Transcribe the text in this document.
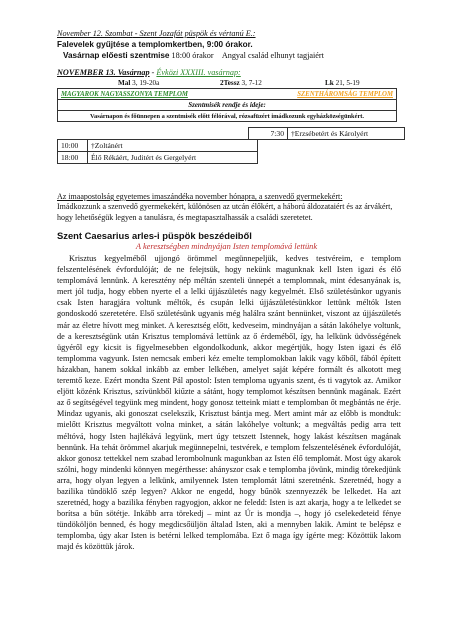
November 12. Szombat - Szent Jozafát püspök és vértanú E.:
Falevelek gyűjtése a templomkertben, 9:00 órakor.
Vasárnap előesti szentmise 18:00 órakor Angyal család elhunyt tagjaiért
NOVEMBER 13. Vasárnap - Évközi XXXIII. vasárnap:
Mal 3, 19-20a	2Tessz 3, 7-12	Lk 21, 5-19
MAGYAROK NAGYASSZONYA TEMPLOM	SZENTHÁROMSÁG TEMPLOM
Szentmisék rendje és ideje:
Vasárnapon és főünnepen a szentmisék előtt félórával, rózsafüzért imádkozunk egyházközségünkért.
7:30	†Erzsébetért és Károlyért
10:00	†Zoltánért
18:00	Élő Rékáért, Juditért és Gergelyért
Az imaapostolság egyetemes imaszándéka november hónapra, a szenvedő gyermekekért:
Imádkozzunk a szenvedő gyermekekért, különösen az utcán élőkért, a háború áldozataiért és az árvákért, hogy lehetőségük legyen a tanulásra, és megtapasztalhassák a családi szeretetet.
Szent Caesarius arles-i püspök beszédeiből
A keresztségben mindnyájan Isten templomává lettünk

Krisztus kegyelméből ujjongó örömmel megünnepeljük, kedves testvéreim, e templom felszentelésének évfordulóját; de ne felejtsük, hogy nekünk magunknak kell Isten igazi és élő templomává lennünk. A keresztény nép méltán szenteli ünnepét a templomnak, mint édesanyának is, mert jól tudja, hogy ebben nyerte el a lelki újjászületés nagy kegyelmét. Első születésünkor ugyanis csak Isten haragjára voltunk méltók, és csupán lelki újjászületésünkkor lettünk méltók Isten gondoskodó szeretetére. Első születésünk ugyanis még halálra szánt bennünket, viszont az újjászületés már az életre hívott meg minket. A keresztség előtt, kedveseim, mindnyájan a sátán lakóhelye voltunk, de a keresztségünk után Krisztus templomává lettünk az ő érdeméből, így, ha lelkünk üdvösségének ügyéről egy kicsit is figyelmesebben elgondolkodunk, akkor megértjük, hogy Isten igazi és élő templomma vagyunk. Isten nemcsak emberi kéz emelte templomokban lakik vagy kőből, fából épített házakban, hanem sokkal inkább az ember lelkében, amelyet saját képére formált és alkotott meg teremtő keze. Ezért mondta Szent Pál apostol: Isten temploma ugyanis szent, és ti vagytok az. Amikor eljött közénk Krisztus, szívünkből kiűzte a sátánt, hogy templomot készítsen bennünk magának. Ezért az ő segítségével tegyünk meg mindent, hogy gonosz tetteink miatt e templomban őt megbántás ne érje. Mindaz ugyanis, aki gonoszat cselekszik, Krisztust bántja meg. Mert amint már az előbb is mondtuk: mielőtt Krisztus megváltott volna minket, a sátán lakóhelye voltunk; a megváltás pedig arra tett méltóvá, hogy Isten hajlékává legyünk, mert úgy tetszett Istennek, hogy lakást készítsen magának bennünk. Ha tehát örömmel akarjuk megünnepelni, testvérek, e templom felszentelésének évfordulóját, akkor gonosz tettekkel nem szabad lerombolnunk magunkban az Isten élő templomát. Most úgy akarok szólni, hogy mindenki könnyen megérthesse: ahányszor csak e templomba jövünk, mindig törekedjünk arra, hogy olyan legyen a lelkünk, amilyennek Isten templomát látni szeretnénk. Szeretnéd, hogy a bazilika tündöklő szép legyen? Akkor ne engedd, hogy bűnök szennyezzék be lelkedet. Ha azt szeretnéd, hogy a bazilika fényben ragyogjon, akkor ne feledd: Isten is azt akarja, hogy a te lelkedet se borítsa a bűn sötétje. Inkább arra törekedj – mint az Úr is mondja –, hogy jó cselekedeteid fénye tündököljön benned, és hogy megdicsőüljön általad Isten, aki a mennyben lakik. Amint te belépsz e templomba, úgy akar Isten is betérni lelked templomába. Ezt ő maga így ígérte meg: Közöttük lakom majd és közöttük járok.
